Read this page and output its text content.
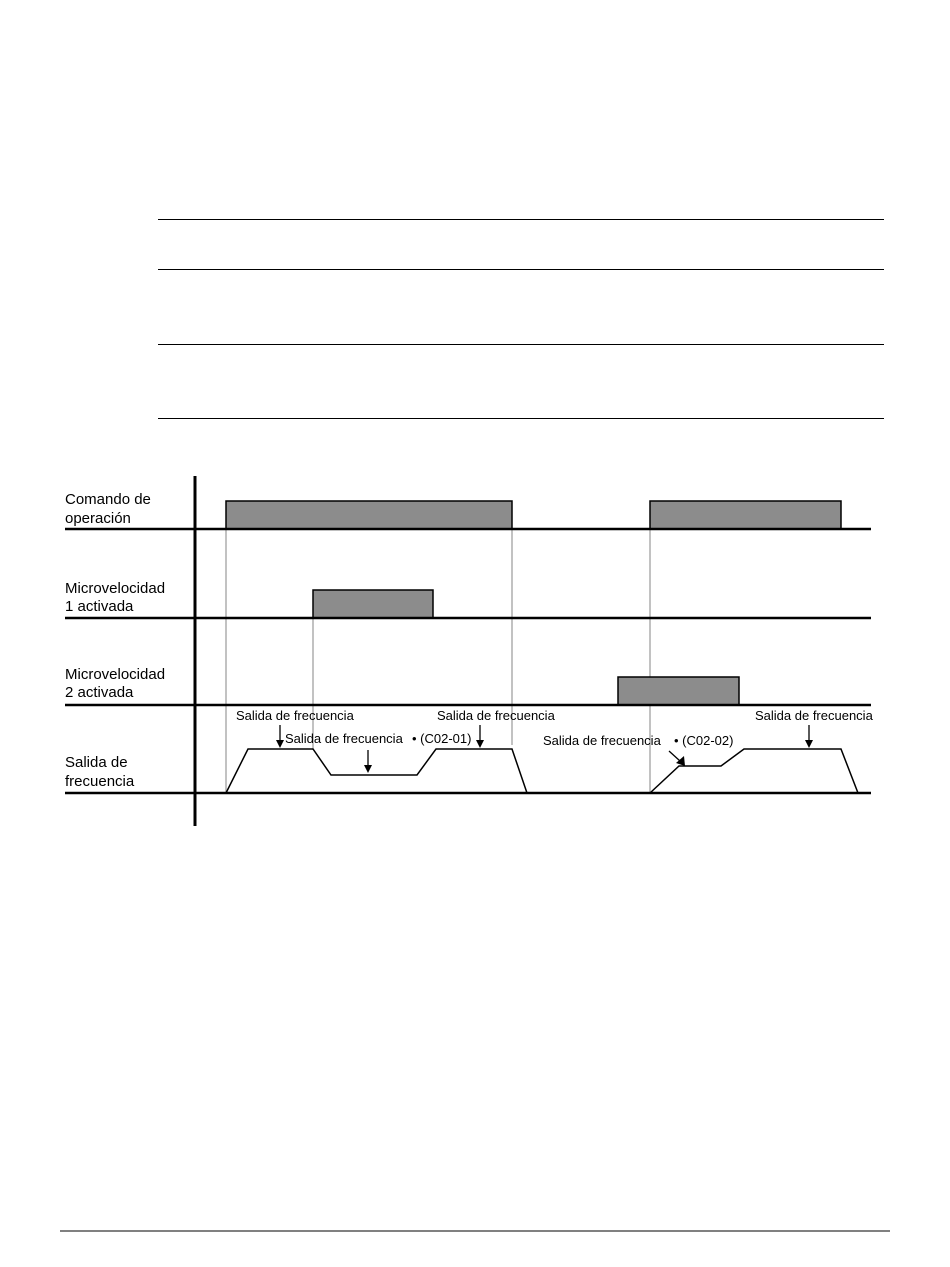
Comando de
operación
Microvelocidad
1 activada
Microvelocidad
2 activada
Salida de
frecuencia
Salida de frecuencia
Salida de frecuencia • (C02-01)
Salida de frecuencia
Salida de frecuencia • (C02-02)
Salida de frecuencia
